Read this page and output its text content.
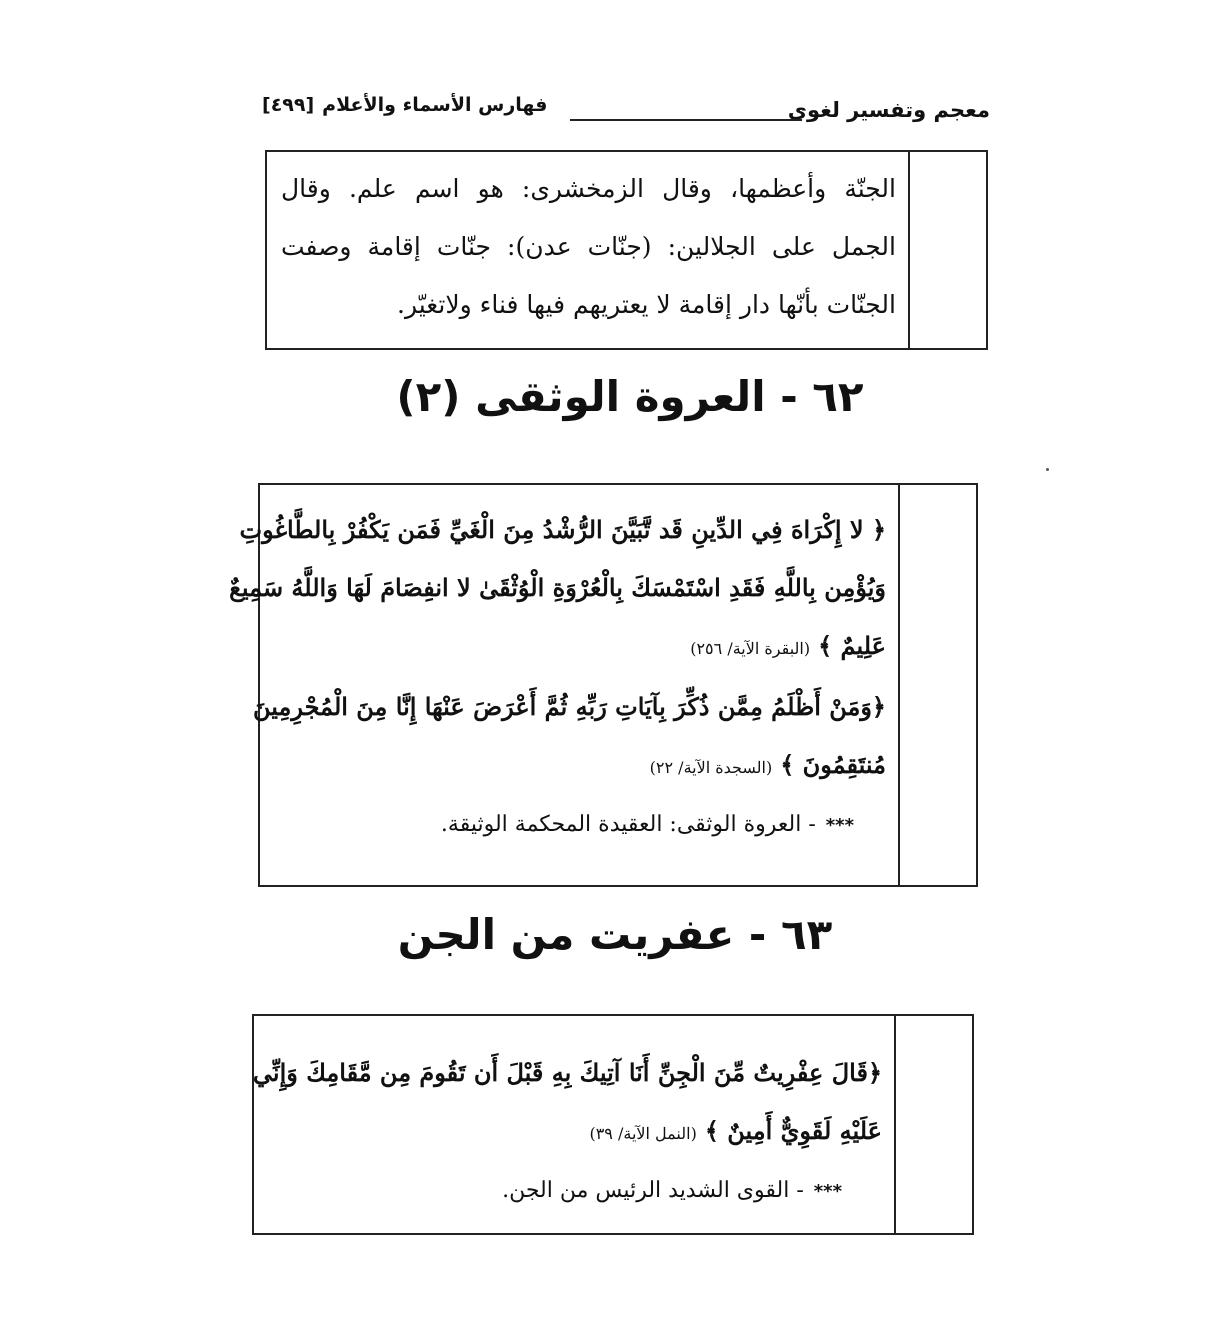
معجم وتفسير لغوى
فهارس الأسماء والأعلام[٤٩٩]

الجنّة وأعظمها، وقال الزمخشرى: هو اسم علم. وقال

الجمل على الجلالين: (جنّات عدن): جنّات إقامة وصفت

الجنّات بأنّها دار إقامة لا يعتريهم فيها فناء ولاتغيّر.

٦٢ - العروة الوثقى (٢)

﴿ لا إِكْرَاهَ فِي الدِّينِ قَد تَّبَيَّنَ الرُّشْدُ مِنَ الْغَيِّ فَمَن يَكْفُرْ بِالطَّاغُوتِ

وَيُؤْمِن بِاللَّهِ فَقَدِ اسْتَمْسَكَ بِالْعُرْوَةِ الْوُثْقَىٰ لا انفِصَامَ لَهَا وَاللَّهُ سَمِيعٌ

عَلِيمٌ ﴾(البقرة الآية/ ٢٥٦)

﴿وَمَنْ أَظْلَمُ مِمَّن ذُكِّرَ بِآيَاتِ رَبِّهِ ثُمَّ أَعْرَضَ عَنْهَا إِنَّا مِنَ الْمُجْرِمِينَ

مُنتَقِمُونَ ﴾(السجدة الآية/ ٢٢)

***- العروة الوثقى: العقيدة المحكمة الوثيقة.

٦٣ - عفريت من الجن

﴿قَالَ عِفْرِيتٌ مِّنَ الْجِنِّ أَنَا آتِيكَ بِهِ قَبْلَ أَن تَقُومَ مِن مَّقَامِكَ وَإِنِّي

عَلَيْهِ لَقَوِيٌّ أَمِينٌ ﴾(النمل الآية/ ٣٩)

***- القوى الشديد الرئيس من الجن.
